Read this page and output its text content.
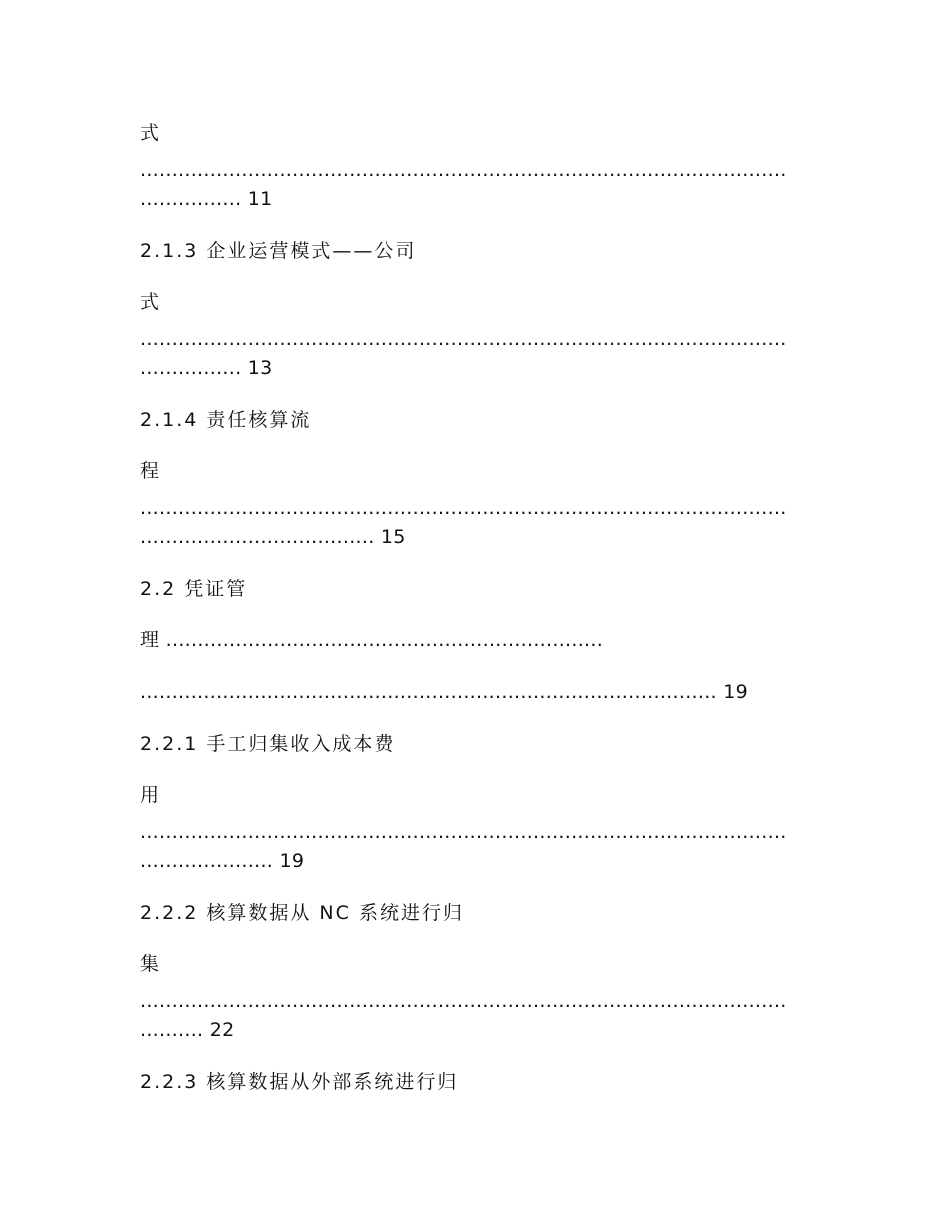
式

......................................................................................................

................ 11

2.1.3 企业运营模式——公司

式

......................................................................................................

................ 13

2.1.4 责任核算流

程

......................................................................................................

..................................... 15

2.2 凭证管

理 .....................................................................

........................................................................................... 19

2.2.1 手工归集收入成本费

用

......................................................................................................

..................... 19

2.2.2 核算数据从 NC 系统进行归

集

......................................................................................................

.......... 22

2.2.3 核算数据从外部系统进行归
